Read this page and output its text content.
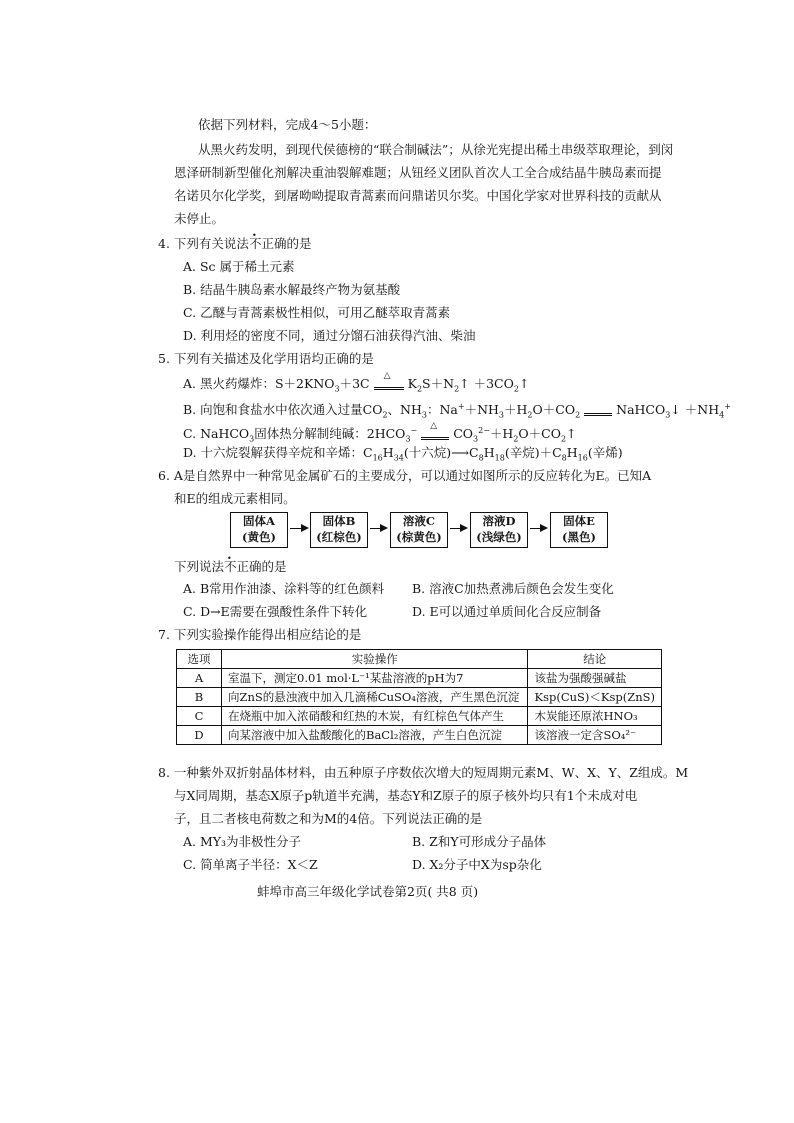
依据下列材料，完成4～5小题：
从黑火药发明，到现代侯德榜的“联合制碱法”；从徐光宪提出稀土串级萃取理论，到闵
恩泽研制新型催化剂解决重油裂解难题；从钮经义团队首次人工全合成结晶牛胰岛素而提
名诺贝尔化学奖，到屠呦呦提取青蒿素而问鼎诺贝尔奖。中国化学家对世界科技的贡献从
未停止。
4. 下列有关说法不正确的是
A. Sc 属于稀土元素
B. 结晶牛胰岛素水解最终产物为氨基酸
C. 乙醚与青蒿素极性相似，可用乙醚萃取青蒿素
D. 利用烃的密度不同，通过分馏石油获得汽油、柴油
5. 下列有关描述及化学用语均正确的是
A. 黑火药爆炸：$S+2KNO_3+3C$ △ $K_2S+N_2↑$ $+3CO_2↑$
B. 向饱和食盐水中依次通入过量$CO_2$、$NH_3$：$Na^++NH_3+H_2O+CO_2$	NaHCO$_3$↓ $+NH_4^+$
C. NaHCO$_3$固体热分解制纯碱：$2HCO_3^-$ △ $CO_3^{2-}+H_2O+CO_2↑$
D. 十六烷裂解获得辛烷和辛烯：$C_{16}H_{34}$(十六烷)$⟶C_8H_{18}$(辛烷)$+C_8H_{16}$(辛烯)
6. A是自然界中一种常见金属矿石的主要成分，可以通过如图所示的反应转化为E。已知A
和E的组成元素相同。
固体A
(黄色)
固体B
(红棕色)
溶液C
(棕黄色)
溶液D
(浅绿色)
固体E
(黑色)
下列说法不正确的是
A. B常用作油漆、涂料等的红色颜料 B. 溶液C加热煮沸后颜色会发生变化
C. D→E需要在强酸性条件下转化	D. E可以通过单质间化合反应制备
7. 下列实验操作能得出相应结论的是
选项	实验操作	结论
A	室温下，测定0.01 mol·L⁻¹某盐溶液的pH为7	该盐为强酸强碱盐
B	向ZnS的悬浊液中加入几滴稀CuSO₄溶液，产生黑色沉淀	Ksp(CuS)＜Ksp(ZnS)
C	在烧瓶中加入浓硝酸和红热的木炭，有红棕色气体产生	木炭能还原浓HNO₃
D	向某溶液中加入盐酸酸化的BaCl₂溶液，产生白色沉淀	该溶液一定含SO₄²⁻
8. 一种紫外双折射晶体材料，由五种原子序数依次增大的短周期元素M、W、X、Y、Z组成。M
与X同周期，基态X原子p轨道半充满，基态Y和Z原子的原子核外均只有1个未成对电
子，且二者核电荷数之和为M的4倍。下列说法正确的是
A. MY₃为非极性分子	B. Z和Y可形成分子晶体
C. 简单离子半径：X＜Z	D. X₂分子中X为sp杂化
蚌埠市高三年级化学试卷第2页( 共8 页)
